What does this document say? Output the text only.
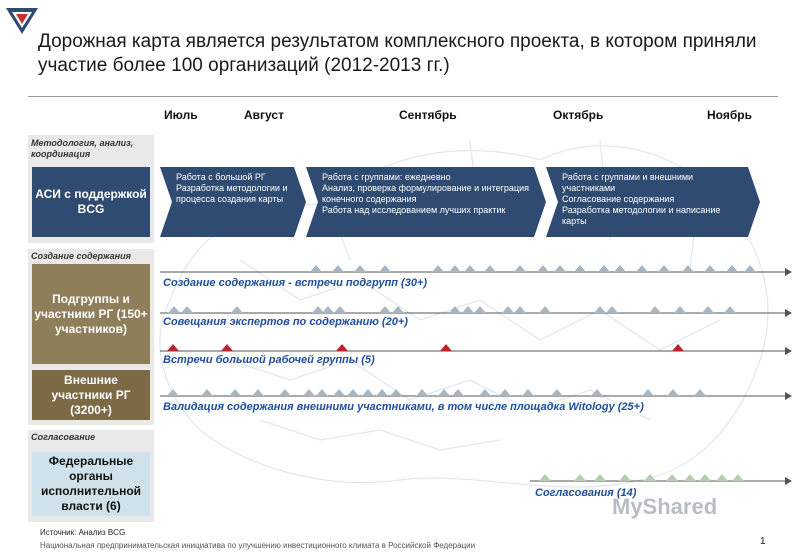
Дорожная карта является результатом комплексного проекта, в котором приняли участие более 100 организаций (2012-2013 гг.)
Июль	Август	Сентябрь	Октябрь	Ноябрь
Методология, анализ, координация
Создание содержания
Согласование
АСИ с поддержкой BCG
Подгруппы и участники РГ (150+ участников)
Внешние участники РГ (3200+)
Федеральные органы исполнительной власти (6)
Работа с большой РГ
Разработка методологии и процесса создания карты
Работа с группами: ежедневно
Анализ, проверка формулирование и интеграция конечного содержания
Работа над исследованием лучших практик
Работа с группами и внешними участниками
Согласование содержания
Разработка методологии и написание карты
Создание содержания - встречи подгрупп (30+)
Совещания экспертов по содержанию (20+)
Встречи большой рабочей группы (5)
Валидация содержания внешними участниками, в том числе площадка Witology (25+)
Согласования (14)
MyShared
Источник: Анализ BCG
Национальная предпринимательская инициатива по улучшению инвестиционного климата в Российской Федерации	1
